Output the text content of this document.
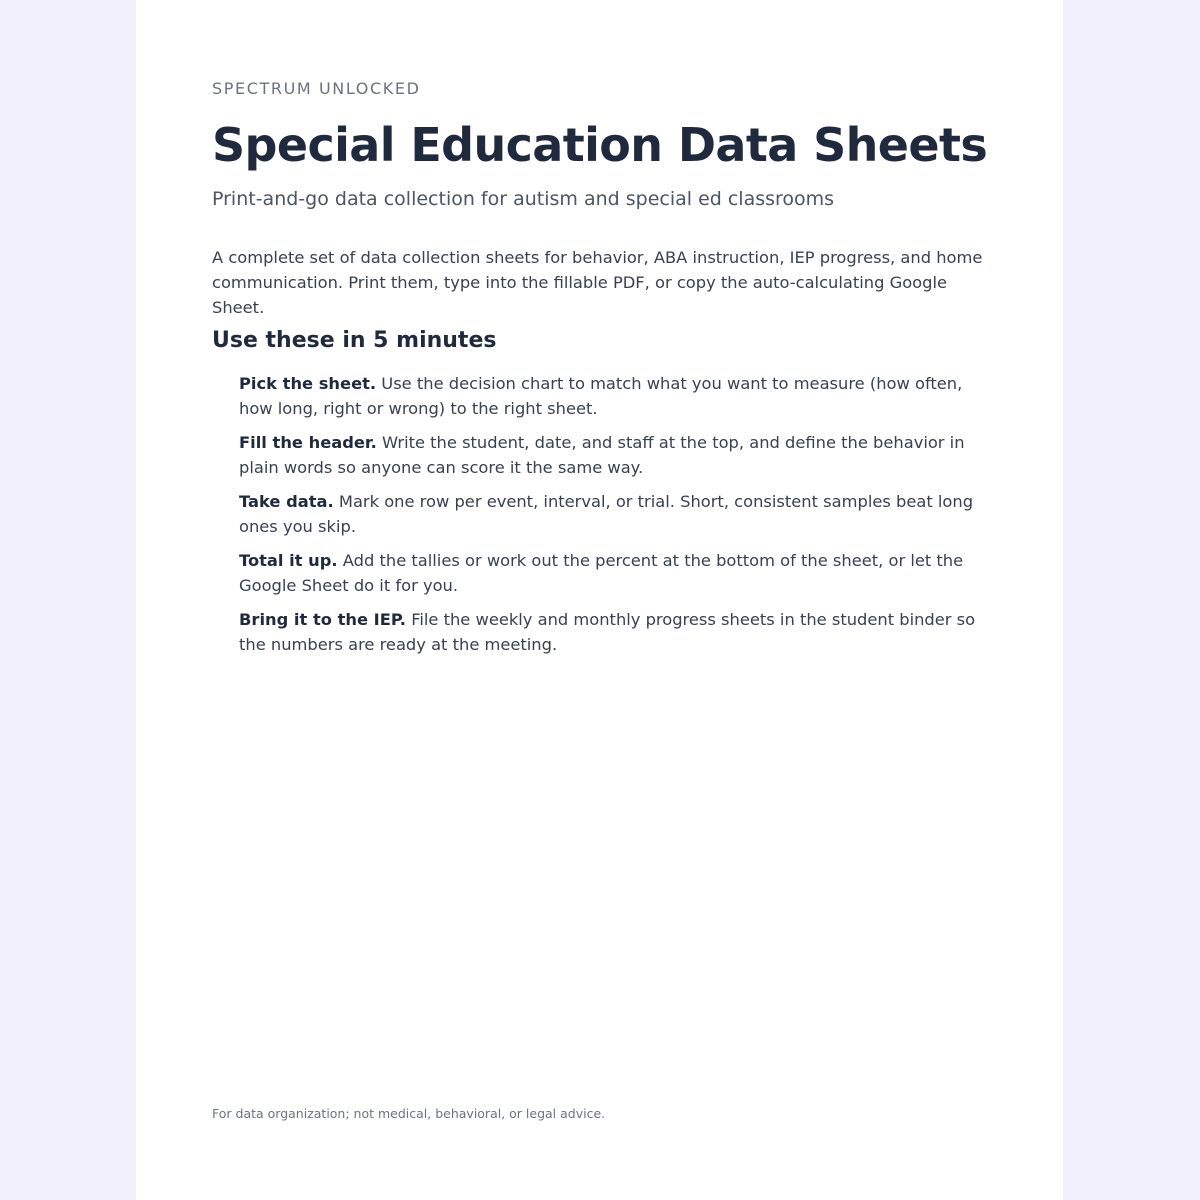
SPECTRUM UNLOCKED
Special Education Data Sheets
Print-and-go data collection for autism and special ed classrooms

A complete set of data collection sheets for behavior, ABA instruction, IEP progress, and home communication. Print them, type into the fillable PDF, or copy the auto-calculating Google Sheet.

Use these in 5 minutes
Pick the sheet. Use the decision chart to match what you want to measure (how often, how long, right or wrong) to the right sheet.
Fill the header. Write the student, date, and staff at the top, and define the behavior in plain words so anyone can score it the same way.
Take data. Mark one row per event, interval, or trial. Short, consistent samples beat long ones you skip.
Total it up. Add the tallies or work out the percent at the bottom of the sheet, or let the Google Sheet do it for you.
Bring it to the IEP. File the weekly and monthly progress sheets in the student binder so the numbers are ready at the meeting.
For data organization; not medical, behavioral, or legal advice.
